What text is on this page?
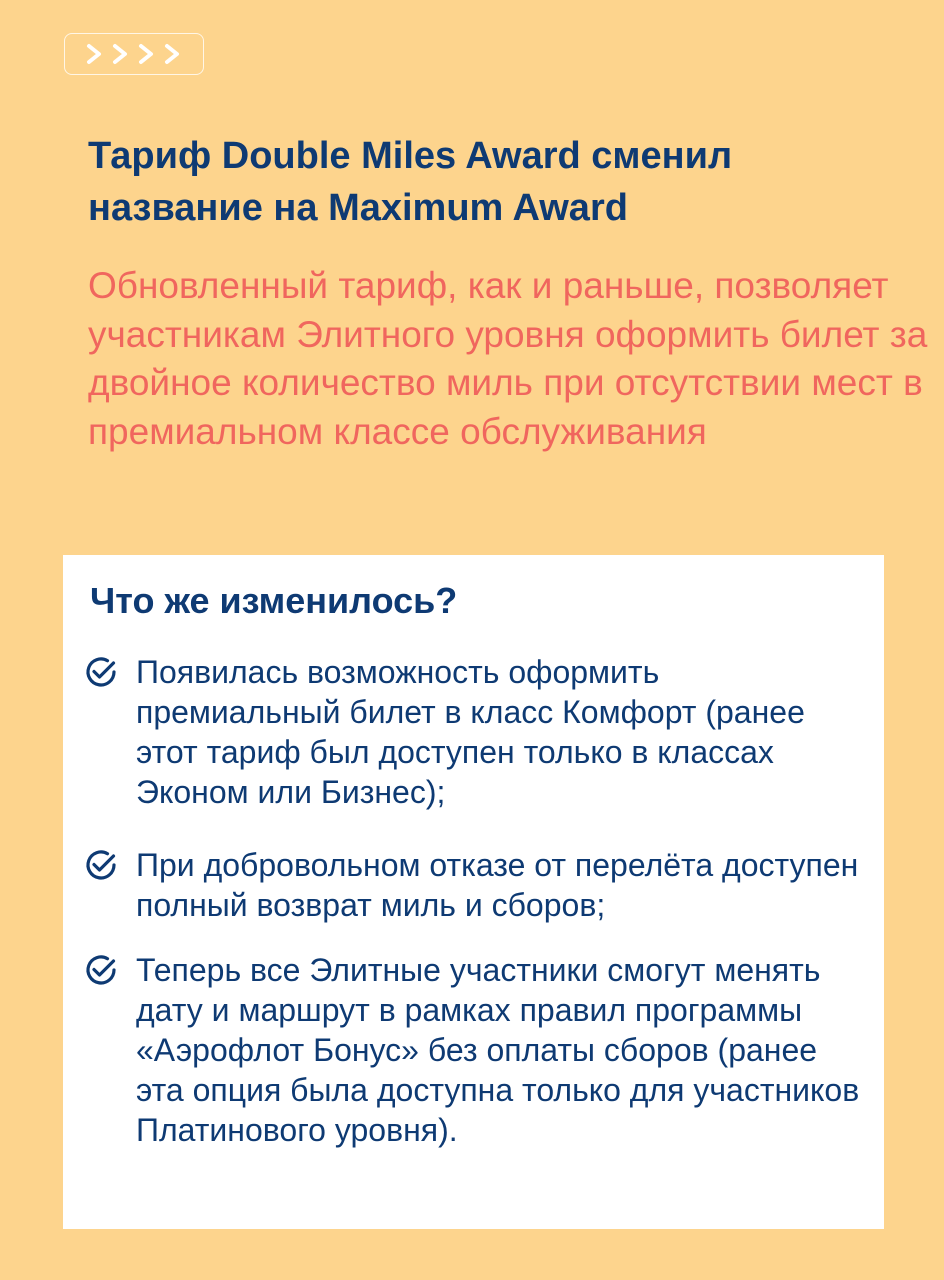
Тариф Double Miles Award сменил название на Maximum Award

Обновленный тариф, как и раньше, позволяет участникам Элитного уровня оформить билет за двойное количество миль при отсутствии мест в премиальном классе обслуживания

Что же изменилось?

Появилась возможность оформить премиальный билет в класс Комфорт (ранее этот тариф был доступен только в классах Эконом или Бизнес);

При добровольном отказе от перелёта доступен полный возврат миль и сборов;

Теперь все Элитные участники смогут менять дату и маршрут в рамках правил программы «Аэрофлот Бонус» без оплаты сборов (ранее эта опция была доступна только для участников Платинового уровня).
